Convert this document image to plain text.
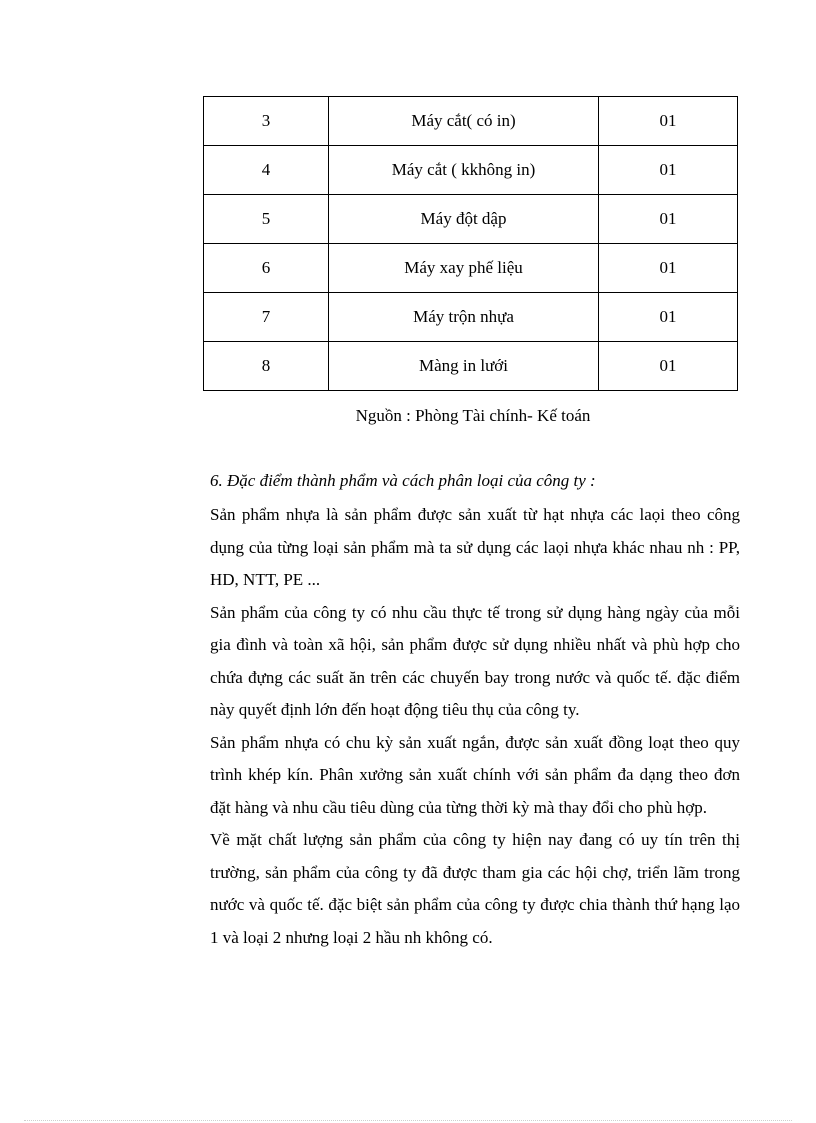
3	Máy cắt( có in)	01
4	Máy cắt ( kkhông in)	01
5	Máy đột dập	01
6	Máy xay phế liệu	01
7	Máy trộn nhựa	01
8	Màng in lưới	01
Nguồn : Phòng Tài chính- Kế toán
6. Đặc điểm thành phẩm và cách phân loại của công ty :

Sản phẩm nhựa là sản phẩm được sản xuất từ hạt nhựa các laọi theo công dụng của từng loại sản phẩm mà ta sử dụng các laọi nhựa khác nhau nh : PP, HD, NTT, PE ...

Sản phẩm của công ty có nhu cầu thực tế trong sử dụng hàng ngày của mỗi gia đình và toàn xã hội, sản phẩm được sử dụng nhiều nhất và phù hợp cho chứa đựng các suất ăn trên các chuyến bay trong nước và quốc tế. đặc điểm này quyết định lớn đến hoạt động tiêu thụ của công ty.

Sản phẩm nhựa có chu kỳ sản xuất ngắn, được sản xuất đồng loạt theo quy trình khép kín. Phân xưởng sản xuất chính với sản phẩm đa dạng theo đơn đặt hàng và nhu cầu tiêu dùng của từng thời kỳ mà thay đổi cho phù hợp.

Về mặt chất lượng sản phẩm của công ty hiện nay đang có uy tín trên thị trường, sản phẩm của công ty đã được tham gia các hội chợ, triển lãm trong nước và quốc tế. đặc biệt sản phẩm của công ty được chia thành thứ hạng lạo 1 và loại 2 nhưng loại 2 hầu nh không có.
